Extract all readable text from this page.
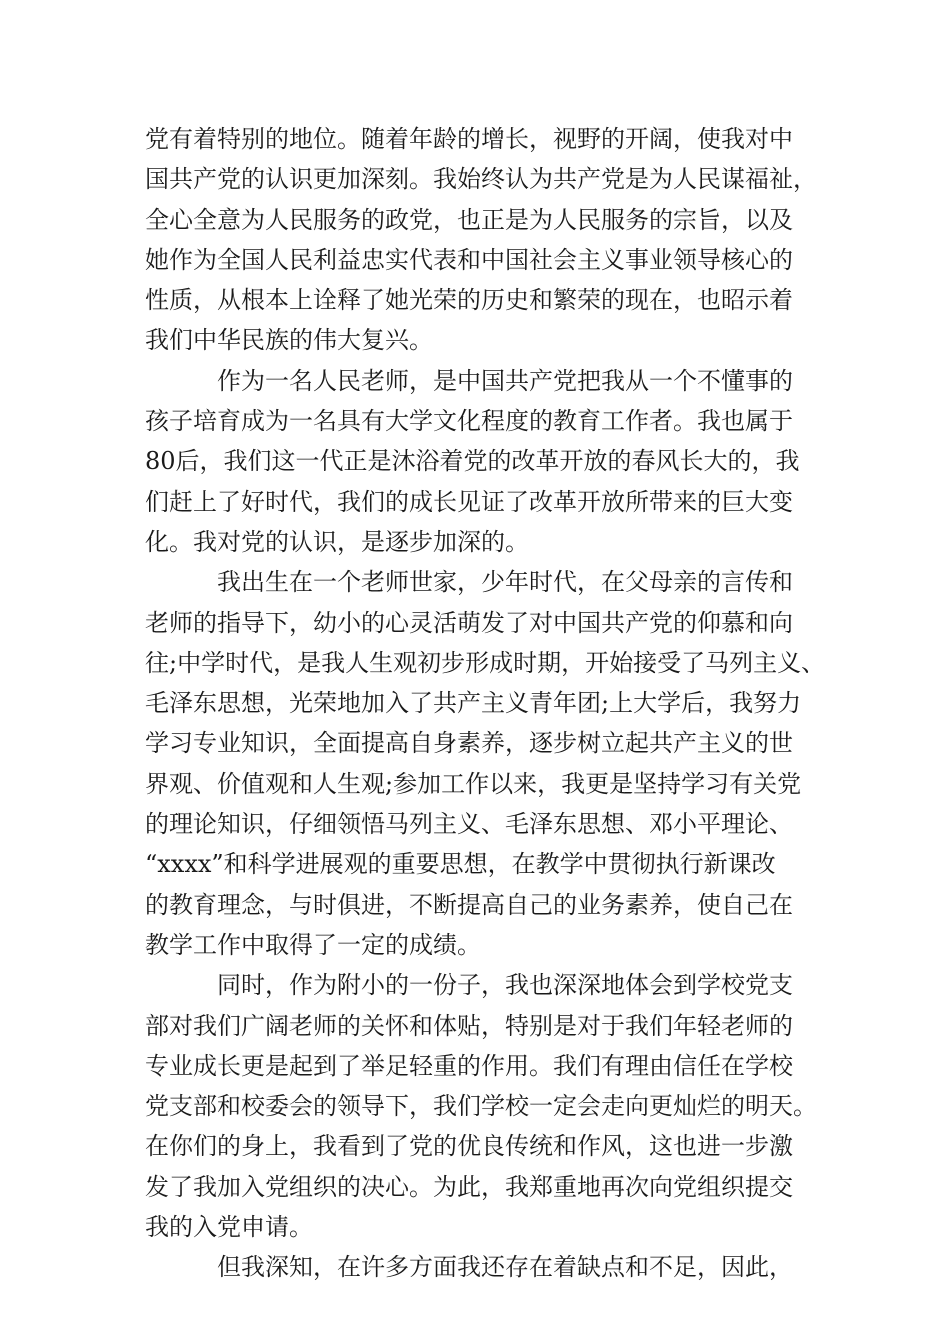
党有着特别的地位。随着年龄的增长，视野的开阔，使我对中
国共产党的认识更加深刻。我始终认为共产党是为人民谋福祉，
全心全意为人民服务的政党，也正是为人民服务的宗旨，以及
她作为全国人民利益忠实代表和中国社会主义事业领导核心的
性质，从根本上诠释了她光荣的历史和繁荣的现在，也昭示着
我们中华民族的伟大复兴。
作为一名人民老师，是中国共产党把我从一个不懂事的
孩子培育成为一名具有大学文化程度的教育工作者。我也属于
80后，我们这一代正是沐浴着党的改革开放的春风长大的，我
们赶上了好时代，我们的成长见证了改革开放所带来的巨大变
化。我对党的认识，是逐步加深的。
我出生在一个老师世家，少年时代，在父母亲的言传和
老师的指导下，幼小的心灵活萌发了对中国共产党的仰慕和向
往;中学时代，是我人生观初步形成时期，开始接受了马列主义、
毛泽东思想，光荣地加入了共产主义青年团;上大学后，我努力
学习专业知识，全面提高自身素养，逐步树立起共产主义的世
界观、价值观和人生观;参加工作以来，我更是坚持学习有关党
的理论知识，仔细领悟马列主义、毛泽东思想、邓小平理论、
“xxxx”和科学进展观的重要思想，在教学中贯彻执行新课改
的教育理念，与时俱进，不断提高自己的业务素养，使自己在
教学工作中取得了一定的成绩。
同时，作为附小的一份子，我也深深地体会到学校党支
部对我们广阔老师的关怀和体贴，特别是对于我们年轻老师的
专业成长更是起到了举足轻重的作用。我们有理由信任在学校
党支部和校委会的领导下，我们学校一定会走向更灿烂的明天。
在你们的身上，我看到了党的优良传统和作风，这也进一步激
发了我加入党组织的决心。为此，我郑重地再次向党组织提交
我的入党申请。
但我深知，在许多方面我还存在着缺点和不足，因此，
